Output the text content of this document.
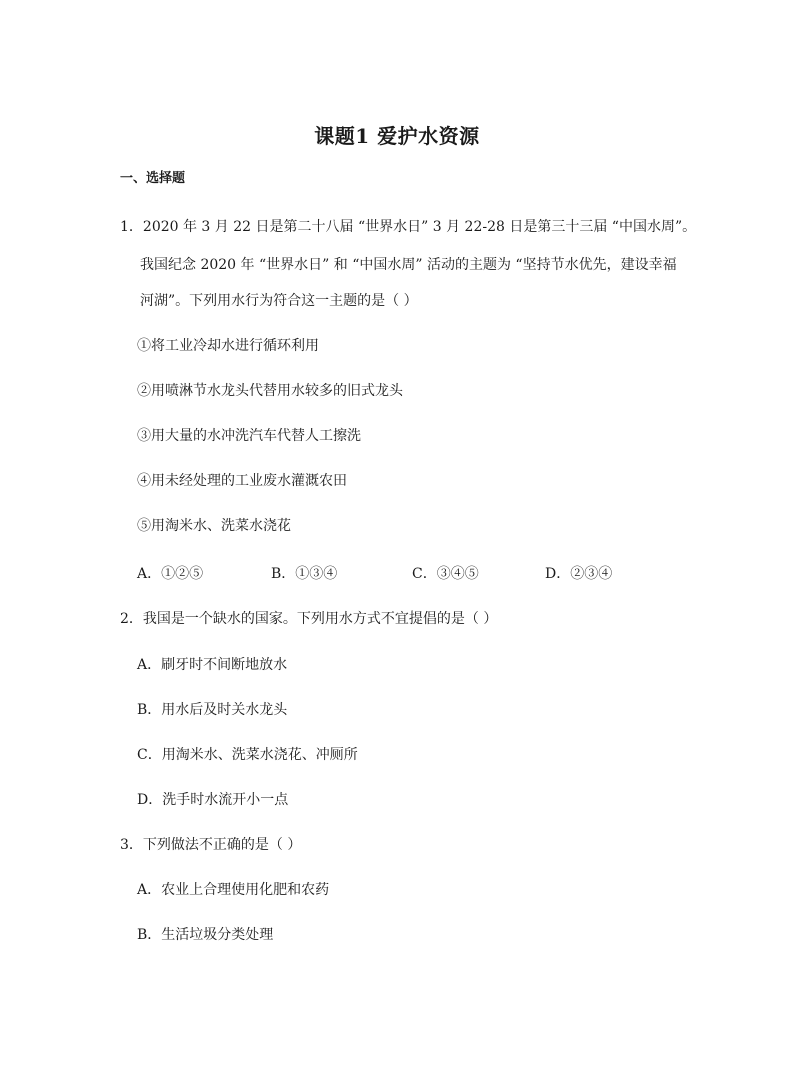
课题1 爱护水资源
一、选择题
1．2020 年 3 月 22 日是第二十八届 “世界水日” 3 月 22-28 日是第三十三届 “中国水周”。
我国纪念 2020 年 “世界水日” 和 “中国水周” 活动的主题为 “坚持节水优先，建设幸福
河湖”。下列用水行为符合这一主题的是（ ）
①将工业冷却水进行循环利用
②用喷淋节水龙头代替用水较多的旧式龙头
③用大量的水冲洗汽车代替人工擦洗
④用未经处理的工业废水灌溉农田
⑤用淘米水、洗菜水浇花
A．①②⑤	B．①③④	C．③④⑤	D．②③④
2．我国是一个缺水的国家。下列用水方式不宜提倡的是（ ）
A．刷牙时不间断地放水
B．用水后及时关水龙头
C．用淘米水、洗菜水浇花、冲厕所
D．洗手时水流开小一点
3．下列做法不正确的是（ ）
A．农业上合理使用化肥和农药
B．生活垃圾分类处理
